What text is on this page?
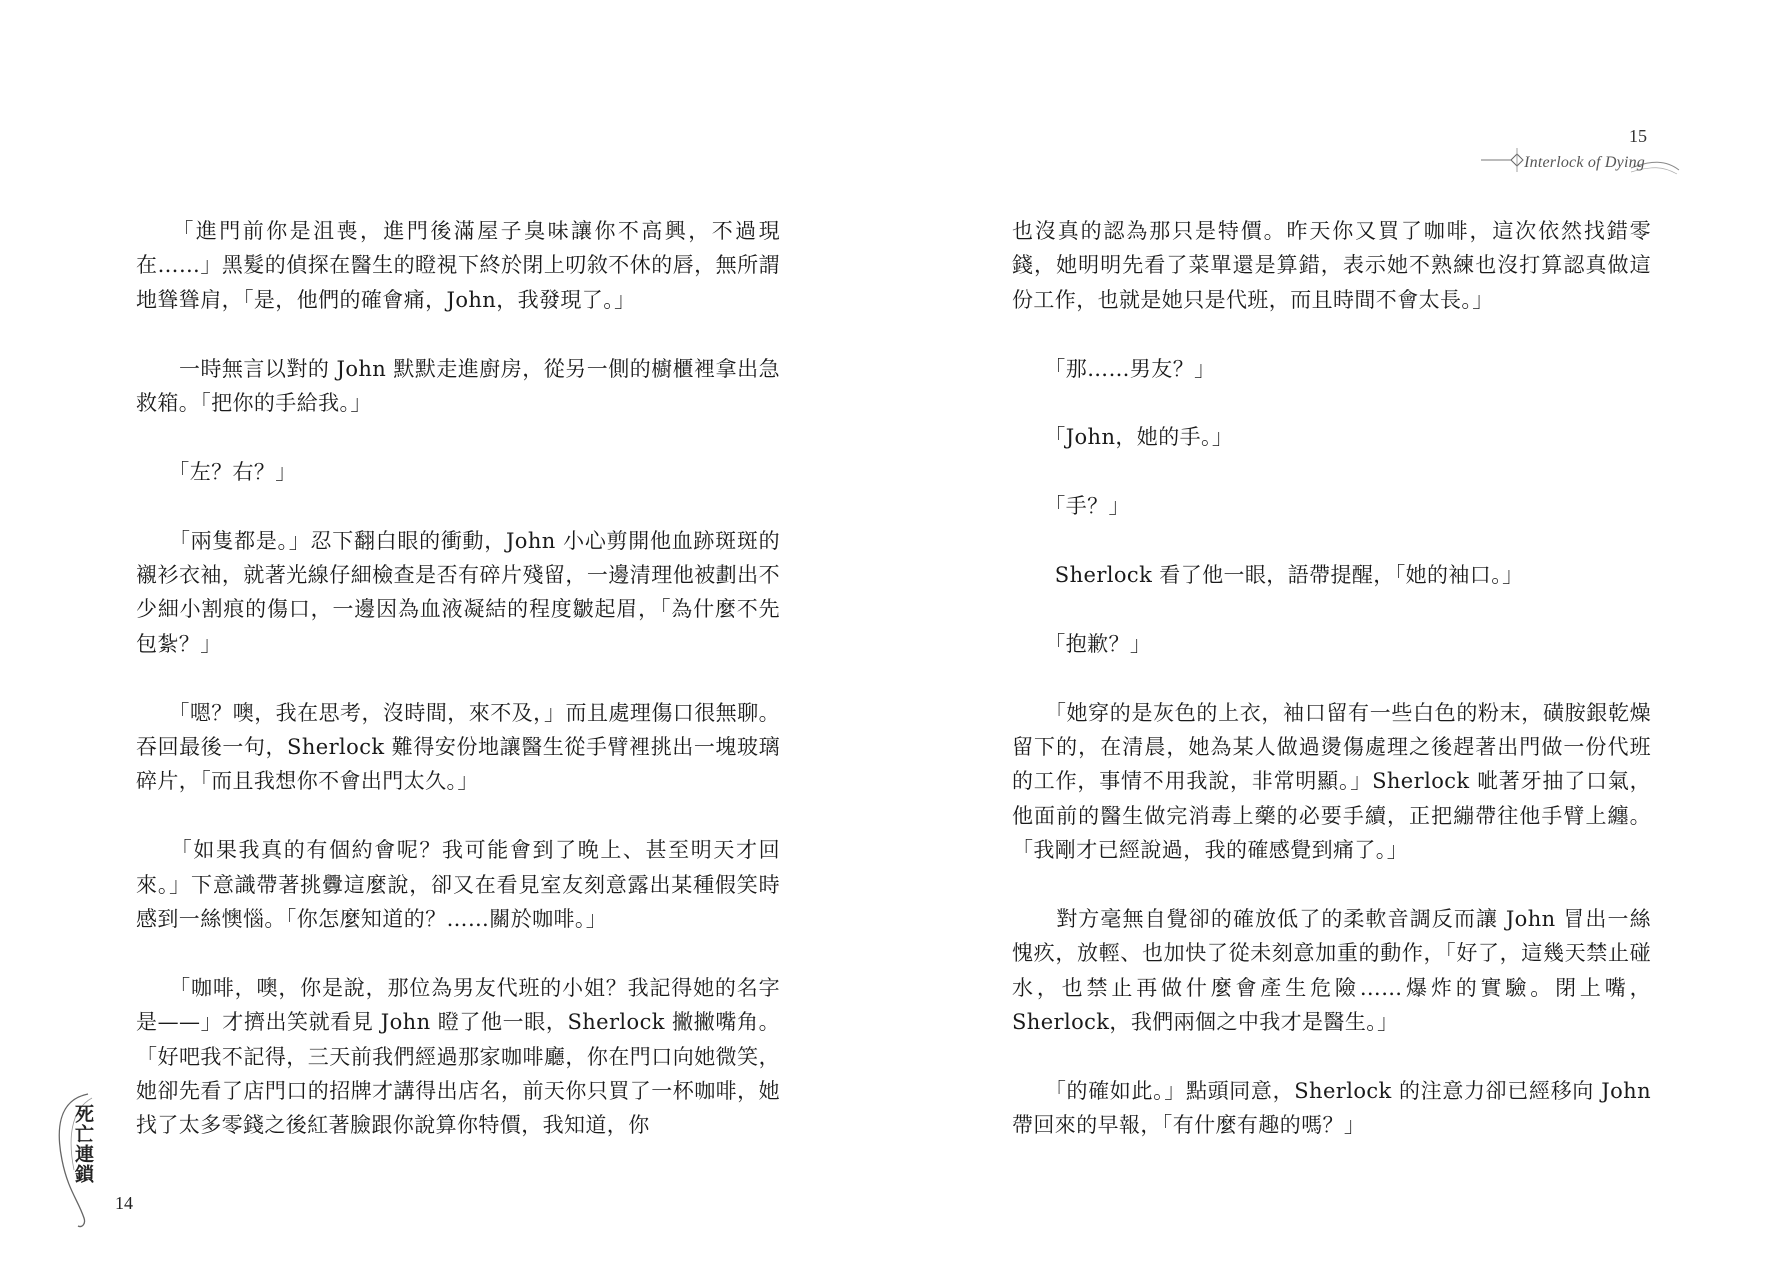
　　「進門前你是沮喪，進門後滿屋子臭味讓你不高興，不過現在……」黑髮的偵探在醫生的瞪視下終於閉上叨敘不休的唇，無所謂地聳聳肩，「是，他們的確會痛，John，我發現了。」

　　一時無言以對的 John 默默走進廚房，從另一側的櫥櫃裡拿出急救箱。「把你的手給我。」

　　「左？右？」

　　「兩隻都是。」忍下翻白眼的衝動，John 小心剪開他血跡斑斑的襯衫衣袖，就著光線仔細檢查是否有碎片殘留，一邊清理他被劃出不少細小割痕的傷口，一邊因為血液凝結的程度皺起眉，「為什麼不先包紮？」

　　「嗯？噢，我在思考，沒時間，來不及，」而且處理傷口很無聊。吞回最後一句，Sherlock 難得安份地讓醫生從手臂裡挑出一塊玻璃碎片，「而且我想你不會出門太久。」

　　「如果我真的有個約會呢？我可能會到了晚上、甚至明天才回來。」下意識帶著挑釁這麼說，卻又在看見室友刻意露出某種假笑時感到一絲懊惱。「你怎麼知道的？……關於咖啡。」

　　「咖啡，噢，你是說，那位為男友代班的小姐？我記得她的名字是——」才擠出笑就看見 John 瞪了他一眼，Sherlock 撇撇嘴角。「好吧我不記得，三天前我們經過那家咖啡廳，你在門口向她微笑，她卻先看了店門口的招牌才講得出店名，前天你只買了一杯咖啡，她找了太多零錢之後紅著臉跟你說算你特價，我知道，你

死亡連鎖
14
15
Interlock of Dying

也沒真的認為那只是特價。昨天你又買了咖啡，這次依然找錯零錢，她明明先看了菜單還是算錯，表示她不熟練也沒打算認真做這份工作，也就是她只是代班，而且時間不會太長。」

　　「那……男友？」

　　「John，她的手。」

　　「手？」

　　Sherlock 看了他一眼，語帶提醒，「她的袖口。」

　　「抱歉？」

　　「她穿的是灰色的上衣，袖口留有一些白色的粉末，磺胺銀乾燥留下的，在清晨，她為某人做過燙傷處理之後趕著出門做一份代班的工作，事情不用我說，非常明顯。」Sherlock 呲著牙抽了口氣，他面前的醫生做完消毒上藥的必要手續，正把繃帶往他手臂上纏。「我剛才已經說過，我的確感覺到痛了。」

　　對方毫無自覺卻的確放低了的柔軟音調反而讓 John 冒出一絲愧疚，放輕、也加快了從未刻意加重的動作，「好了，這幾天禁止碰水，也禁止再做什麼會產生危險……爆炸的實驗。閉上嘴，Sherlock，我們兩個之中我才是醫生。」

　　「的確如此。」點頭同意，Sherlock 的注意力卻已經移向 John 帶回來的早報，「有什麼有趣的嗎？」
